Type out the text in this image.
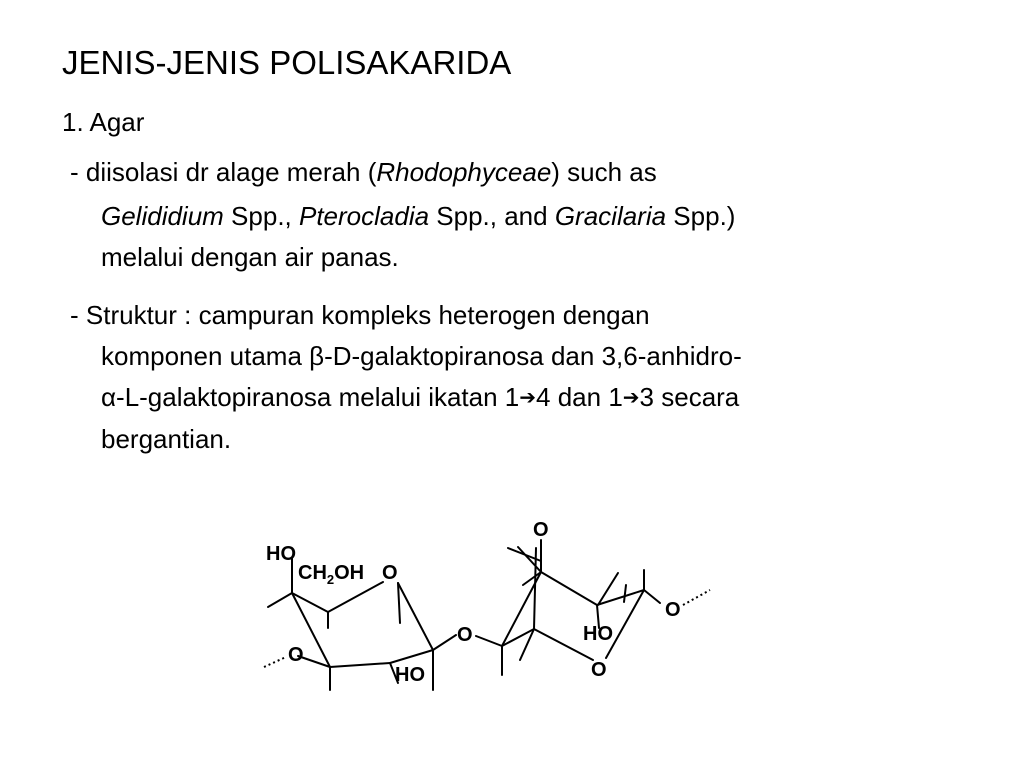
JENIS-JENIS POLISAKARIDA
1. Agar
- diisolasi dr alage merah (Rhodophyceae) such as
Gelididium Spp., Pterocladia Spp., and Gracilaria Spp.)
melalui dengan air panas.
- Struktur : campuran kompleks heterogen dengan
komponen utama β-D-galaktopiranosa dan 3,6-anhidro-
α-L-galaktopiranosa melalui ikatan 1➔4 dan 1➔3 secara
bergantian.
HO
$CH_2OH$ O
O
HO
O
O
HO
O
O
